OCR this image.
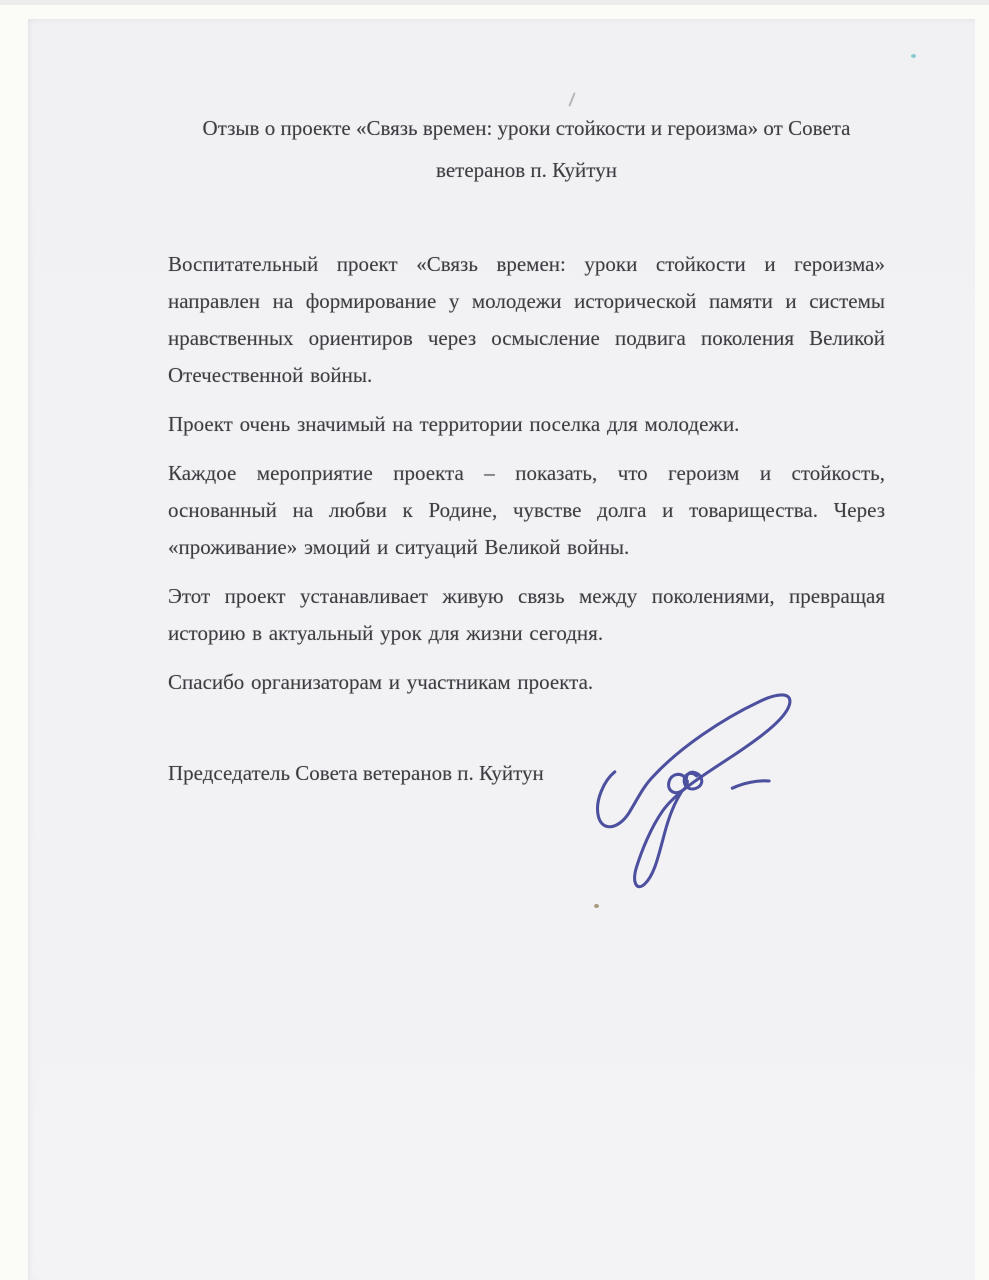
Отзыв о проекте «Связь времен: уроки стойкости и героизма» от Совета ветеранов п. Куйтун

Воспитательный проект «Связь времен: уроки стойкости и героизма» направлен на формирование у молодежи исторической памяти и системы нравственных ориентиров через осмысление подвига поколения Великой Отечественной войны.

Проект очень значимый на территории поселка для молодежи.

Каждое мероприятие проекта – показать, что героизм и стойкость, основанный на любви к Родине, чувстве долга и товарищества. Через «проживание» эмоций и ситуаций Великой войны.

Этот проект устанавливает живую связь между поколениями, превращая историю в актуальный урок для жизни сегодня.

Спасибо организаторам и участникам проекта.

Председатель Совета ветеранов п. Куйтун
